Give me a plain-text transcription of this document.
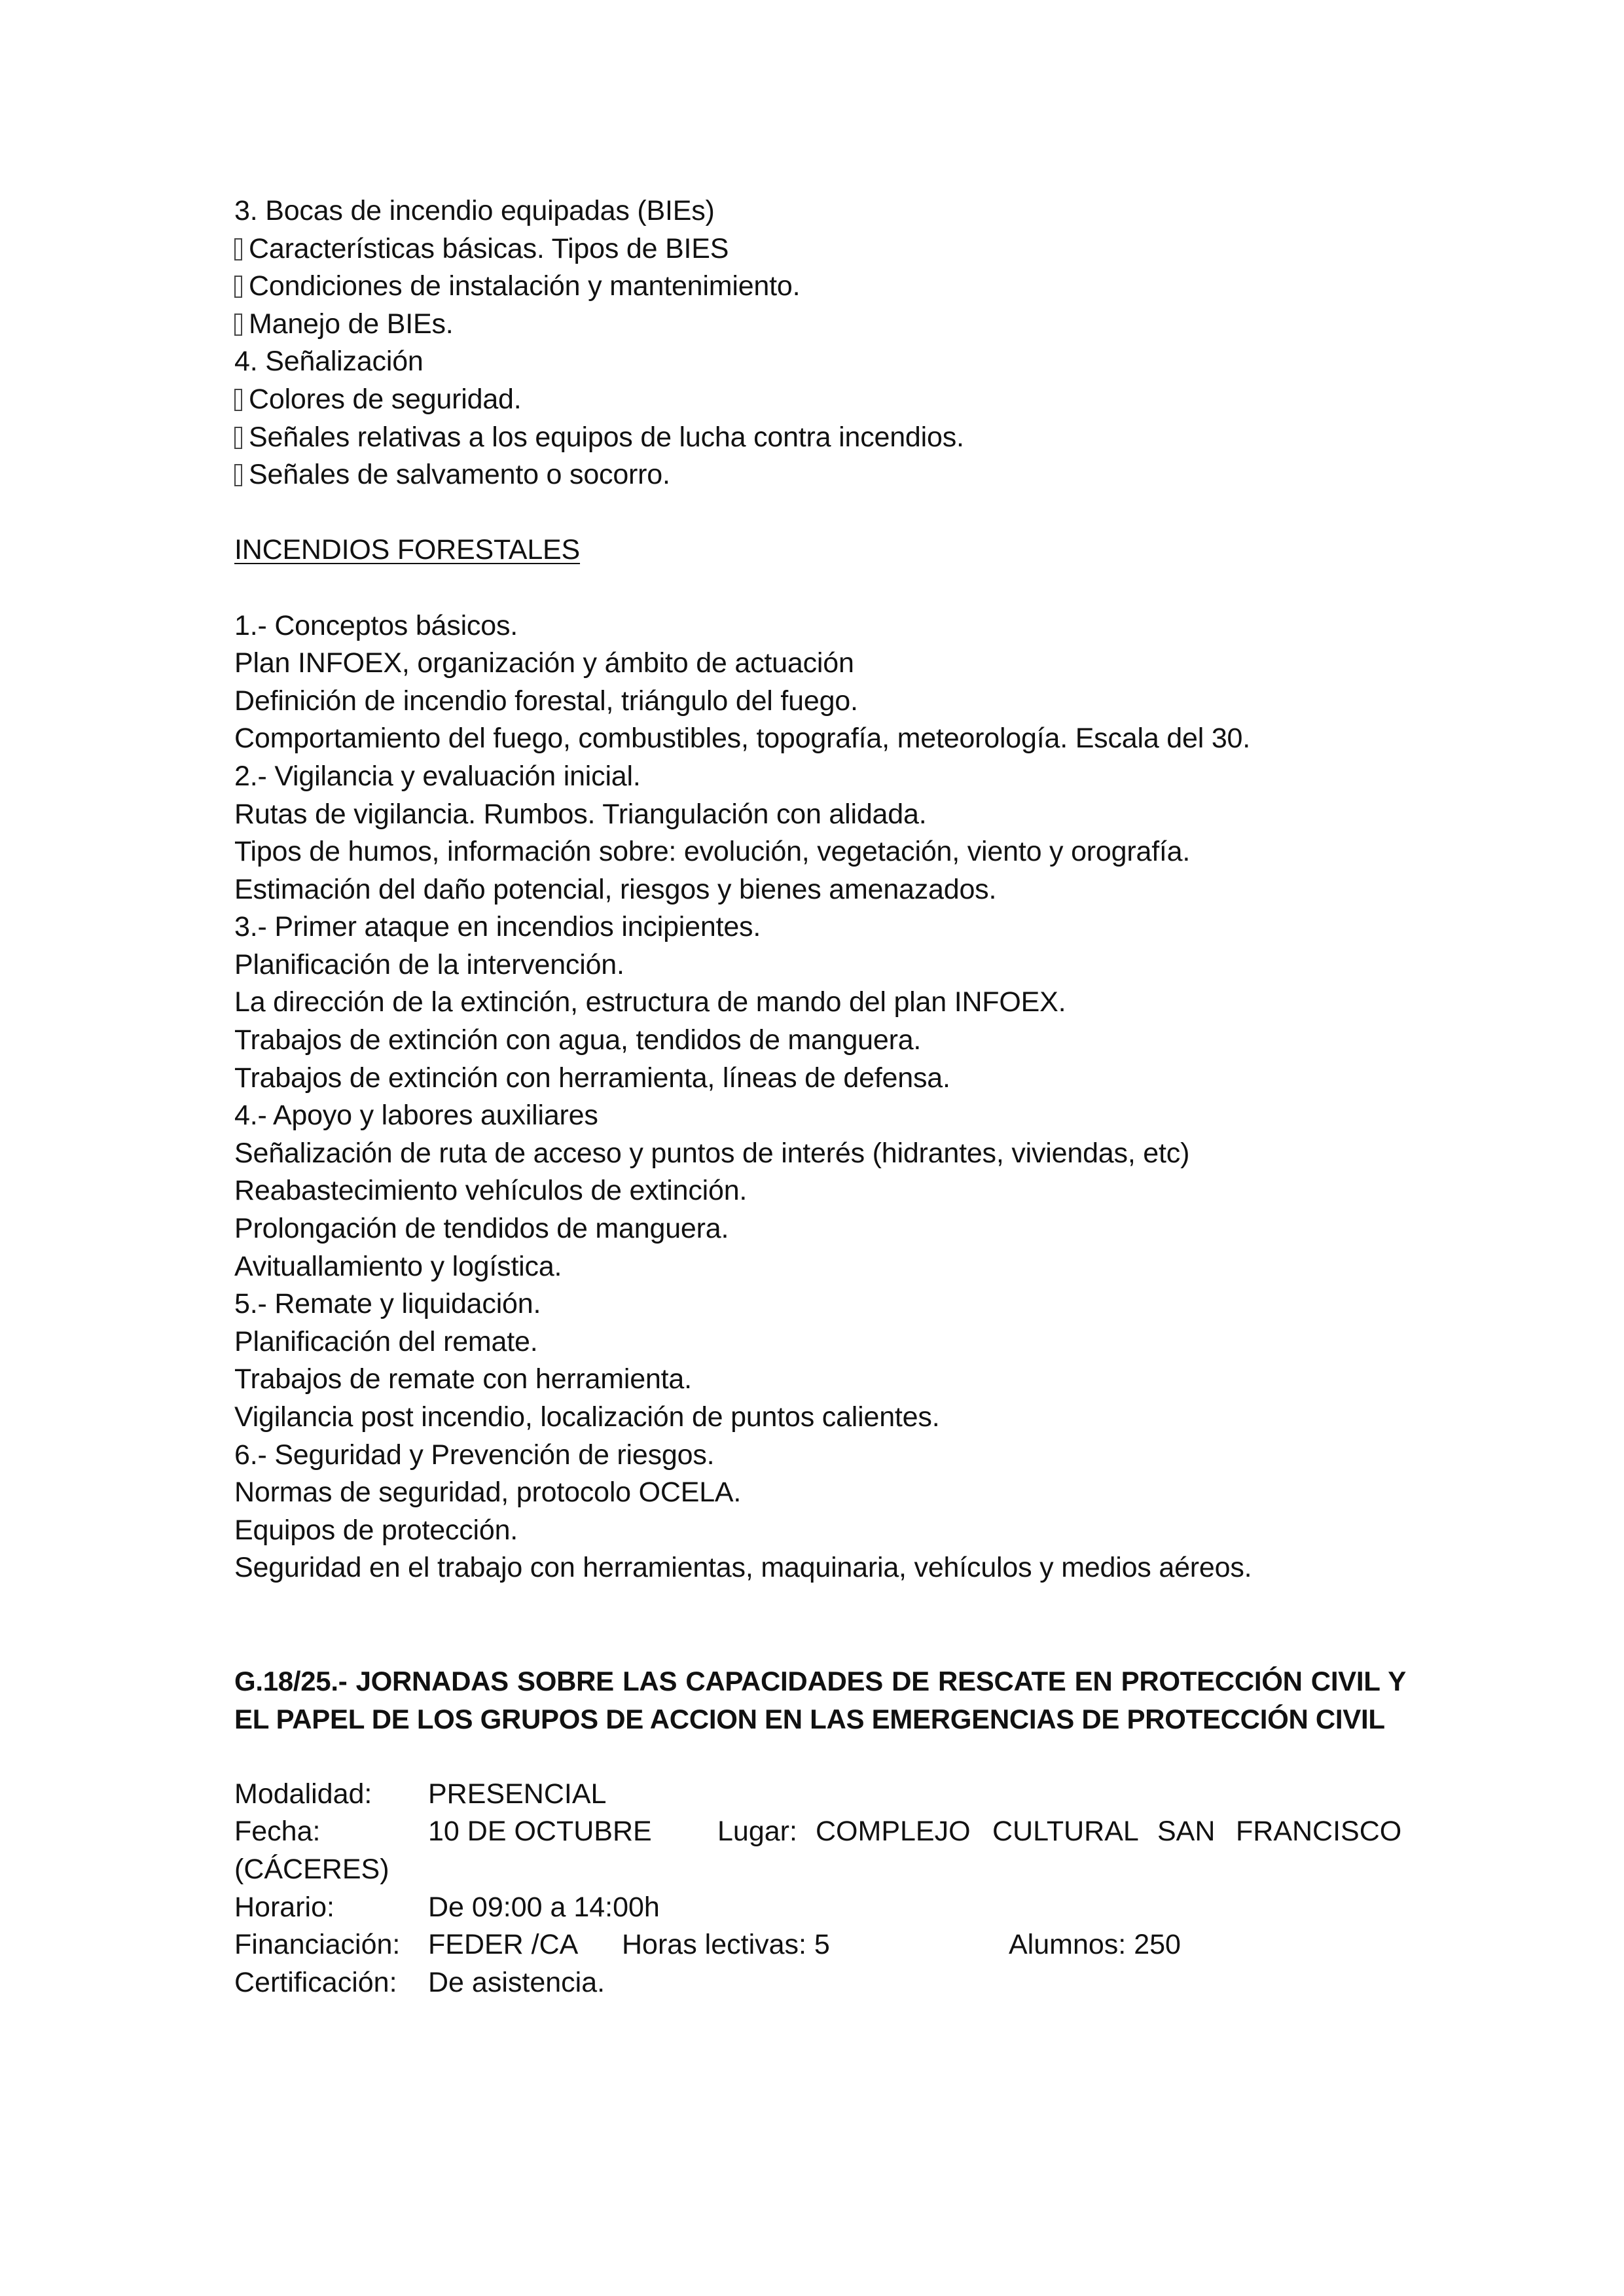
3. Bocas de incendio equipadas (BIEs)
Características básicas. Tipos de BIES
Condiciones de instalación y mantenimiento.
Manejo de BIEs.
4. Señalización
Colores de seguridad.
Señales relativas a los equipos de lucha contra incendios.
Señales de salvamento o socorro.
INCENDIOS FORESTALES
1.- Conceptos básicos.
Plan INFOEX, organización y ámbito de actuación
Definición de incendio forestal, triángulo del fuego.
Comportamiento del fuego, combustibles, topografía, meteorología. Escala del 30.
2.- Vigilancia y evaluación inicial.
Rutas de vigilancia. Rumbos. Triangulación con alidada.
Tipos de humos, información sobre: evolución, vegetación, viento y orografía.
Estimación del daño potencial, riesgos y bienes amenazados.
3.- Primer ataque en incendios incipientes.
Planificación de la intervención.
La dirección de la extinción, estructura de mando del plan INFOEX.
Trabajos de extinción con agua, tendidos de manguera.
Trabajos de extinción con herramienta, líneas de defensa.
4.- Apoyo y labores auxiliares
Señalización de ruta de acceso y puntos de interés (hidrantes, viviendas, etc)
Reabastecimiento vehículos de extinción.
Prolongación de tendidos de manguera.
Avituallamiento y logística.
5.- Remate y liquidación.
Planificación del remate.
Trabajos de remate con herramienta.
Vigilancia post incendio, localización de puntos calientes.
6.- Seguridad y Prevención de riesgos.
Normas de seguridad, protocolo OCELA.
Equipos de protección.
Seguridad en el trabajo con herramientas, maquinaria, vehículos y medios aéreos.
G.18/25.- JORNADAS SOBRE LAS CAPACIDADES DE RESCATE EN PROTECCIÓN CIVIL Y EL PAPEL DE LOS GRUPOS DE ACCION EN LAS EMERGENCIAS DE PROTECCIÓN CIVIL
Modalidad: PRESENCIAL
Fecha:	10 DE OCTUBRE Lugar: COMPLEJO CULTURAL SAN FRANCISCO
(CÁCERES)
Horario:	De 09:00 a 14:00h
Financiación: FEDER /CA Horas lectivas: 5	Alumnos: 250
Certificación: De asistencia.
